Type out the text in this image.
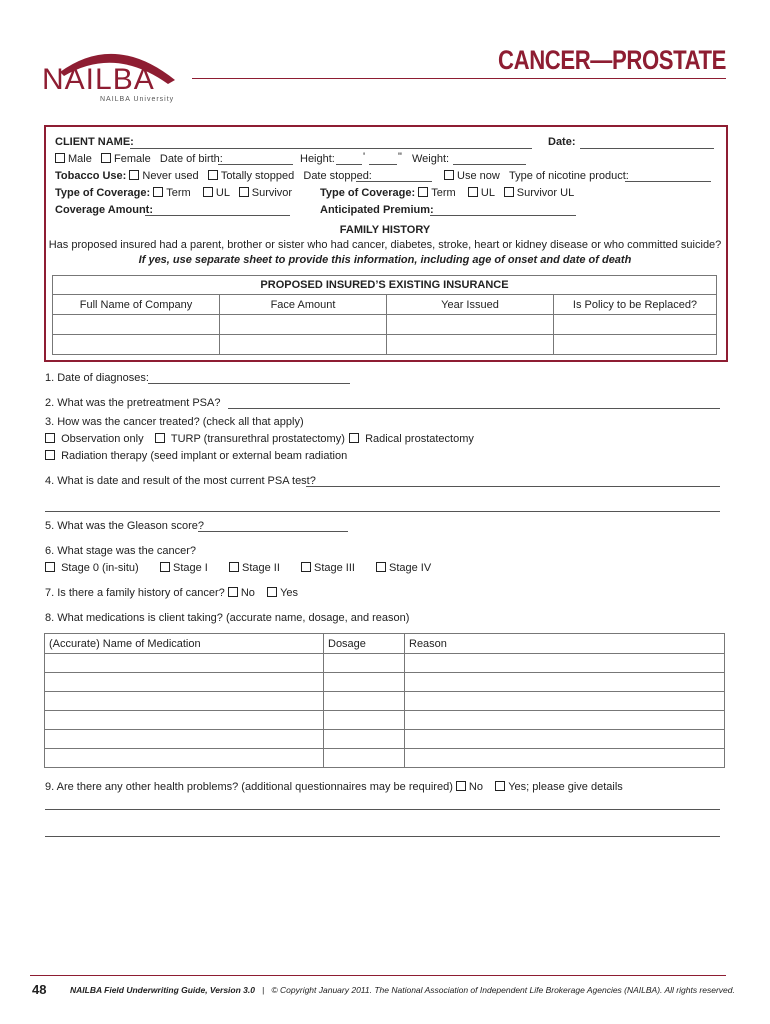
NAILBA
NAILBA University
CANCER—PROSTATE
CLIENT NAME:	Date:
Male Female Date of birth:	Height:	'	" Weight:
Tobacco Use: Never used Totally stopped Date stopped:	Use now Type of nicotine product:
Type of Coverage: Term UL Survivor	Type of Coverage: Term UL Survivor UL
Coverage Amount:	Anticipated Premium:
FAMILY HISTORY
Has proposed insured had a parent, brother or sister who had cancer, diabetes, stroke, heart or kidney disease or who committed suicide?
If yes, use separate sheet to provide this information, including age of onset and date of death
PROPOSED INSURED’S EXISTING INSURANCE			
Full Name of Company	Face Amount	Year Issued	Is Policy to be Replaced?

1. Date of diagnoses:
2. What was the pretreatment PSA?
3. How was the cancer treated? (check all that apply)
Observation only	TURP (transurethral prostatectomy)	Radical prostatectomy
Radiation therapy (seed implant or external beam radiation
4. What is date and result of the most current PSA test?
5. What was the Gleason score?
6. What stage was the cancer?
Stage 0 (in-situ)	Stage I	Stage II	Stage III	Stage IV
7. Is there a family history of cancer? No Yes
8. What medications is client taking? (accurate name, dosage, and reason)
(Accurate) Name of Medication	Dosage	Reason

9. Are there any other health problems? (additional questionnaires may be required) No Yes; please give details
48	NAILBA Field Underwriting Guide, Version 3.0 | © Copyright January 2011. The National Association of Independent Life Brokerage Agencies (NAILBA). All rights reserved.
